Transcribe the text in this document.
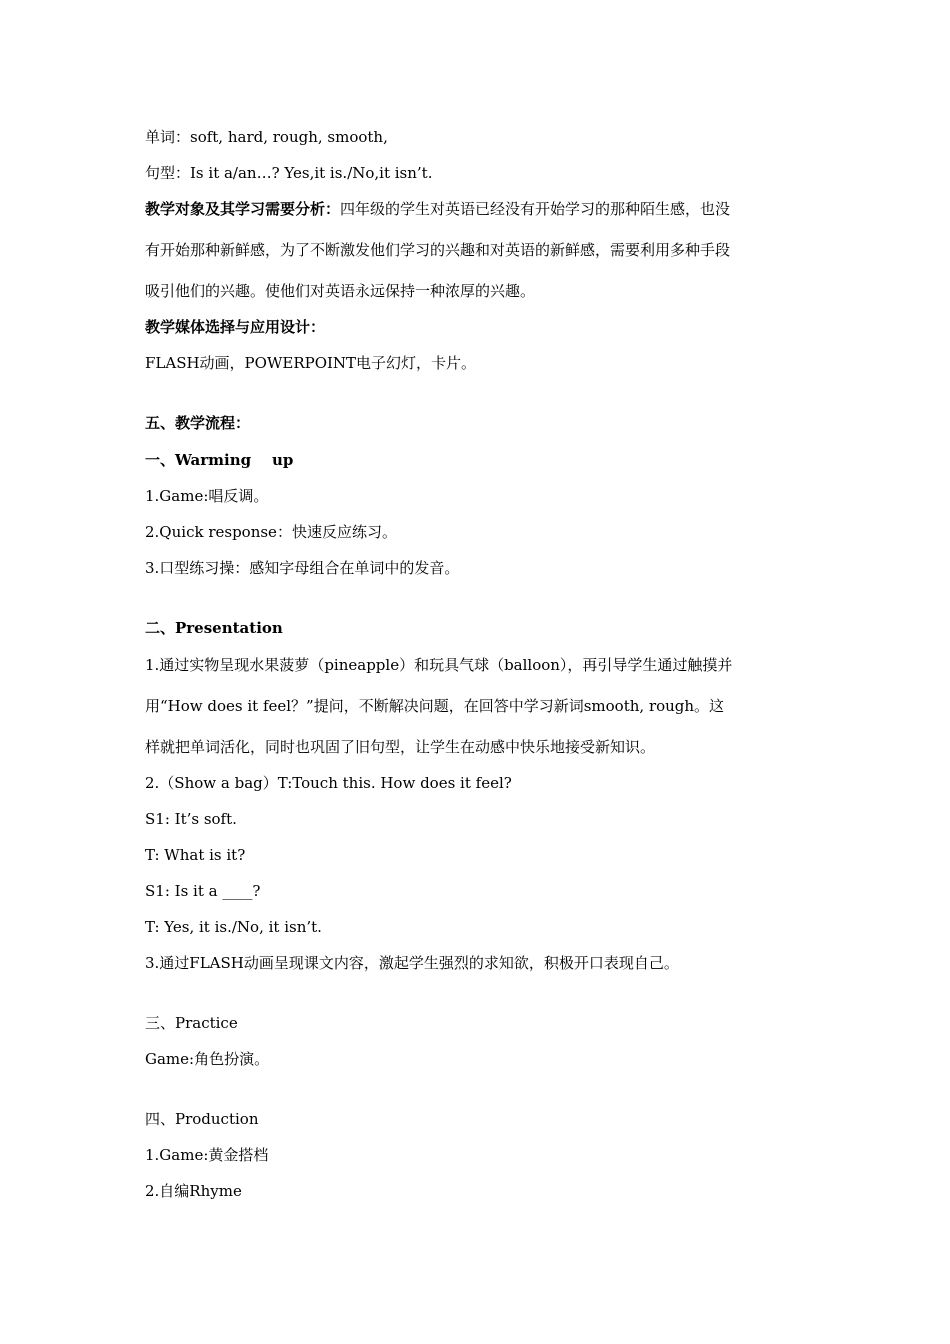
单词：soft, hard, rough, smooth,
句型：Is it a/an…? Yes,it is./No,it isn’t.
教学对象及其学习需要分析：四年级的学生对英语已经没有开始学习的那种陌生感，也没
有开始那种新鲜感，为了不断激发他们学习的兴趣和对英语的新鲜感，需要利用多种手段
吸引他们的兴趣。使他们对英语永远保持一种浓厚的兴趣。
教学媒体选择与应用设计：
FLASH动画，POWERPOINT电子幻灯，卡片。
五、教学流程：
一、Warming    up
1.Game:唱反调。
2.Quick response：快速反应练习。
3.口型练习操：感知字母组合在单词中的发音。
二、Presentation
1.通过实物呈现水果菠萝（pineapple）和玩具气球（balloon），再引导学生通过触摸并
用“How does it feel？”提问，不断解决问题，在回答中学习新词smooth, rough。这
样就把单词活化，同时也巩固了旧句型，让学生在动感中快乐地接受新知识。
2.（Show a bag）T:Touch this. How does it feel?
S1: It’s soft.
T: What is it?
S1: Is it a ____?
T: Yes, it is./No, it isn’t.
3.通过FLASH动画呈现课文内容，激起学生强烈的求知欲，积极开口表现自己。
三、Practice
Game:角色扮演。
四、Production
1.Game:黄金搭档
2.自编Rhyme
